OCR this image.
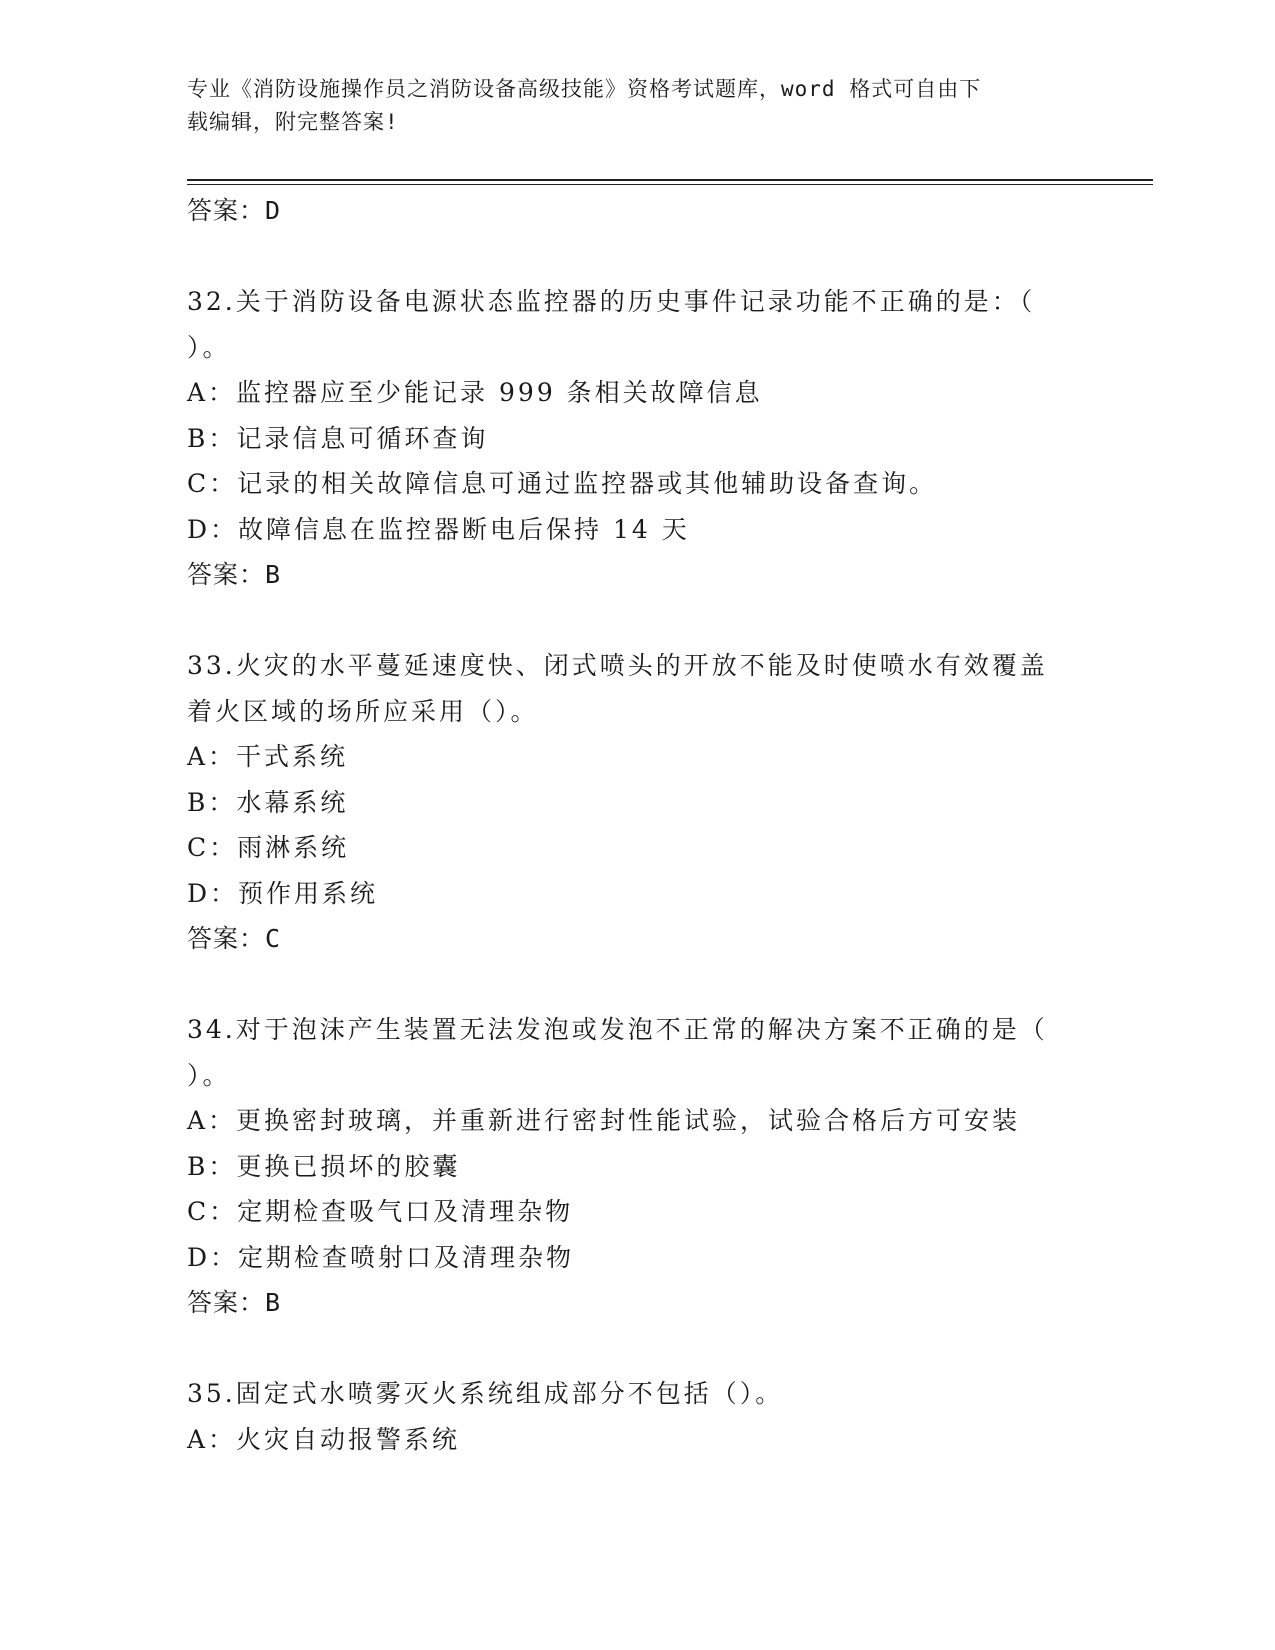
专业《消防设施操作员之消防设备高级技能》资格考试题库，word 格式可自由下
载编辑，附完整答案!
答案：D
32.关于消防设备电源状态监控器的历史事件记录功能不正确的是：（
）。
A：监控器应至少能记录 999 条相关故障信息
B：记录信息可循环查询
C：记录的相关故障信息可通过监控器或其他辅助设备查询。
D：故障信息在监控器断电后保持 14 天
答案：B
33.火灾的水平蔓延速度快、闭式喷头的开放不能及时使喷水有效覆盖
着火区域的场所应采用（）。
A：干式系统
B：水幕系统
C：雨淋系统
D：预作用系统
答案：C
34.对于泡沫产生装置无法发泡或发泡不正常的解决方案不正确的是（
）。
A：更换密封玻璃，并重新进行密封性能试验，试验合格后方可安装
B：更换已损坏的胶囊
C：定期检查吸气口及清理杂物
D：定期检查喷射口及清理杂物
答案：B
35.固定式水喷雾灭火系统组成部分不包括（）。
A：火灾自动报警系统
